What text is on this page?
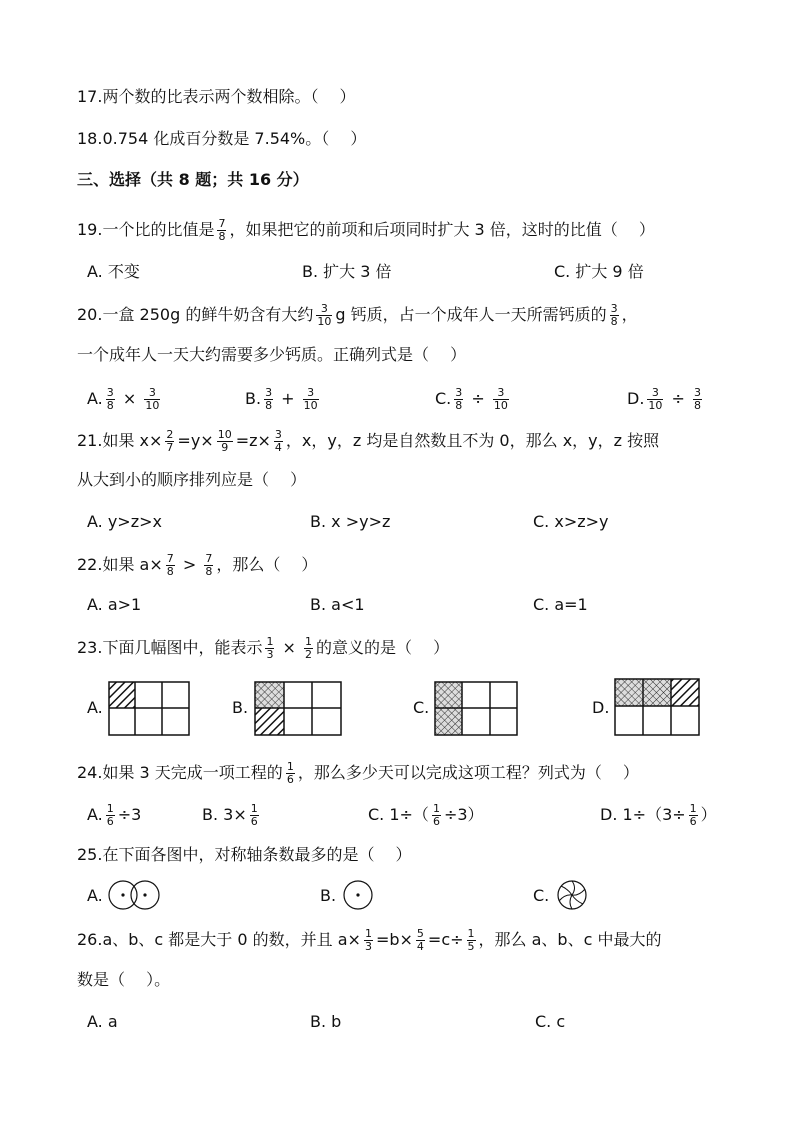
17.两个数的比表示两个数相除。（　 ）
18.0.754 化成百分数是 7.54%。（　 ）
三、选择（共 8 题；共 16 分）
19.一个比的比值是 $\frac{7}{8}$ ，如果把它的前项和后项同时扩大 3 倍，这时的比值（　 ）
A. 不变	B. 扩大 3 倍	C. 扩大 9 倍
20.一盒 250g 的鲜牛奶含有大约 $\frac{3}{10}$ g 钙质，占一个成年人一天所需钙质的 $\frac{3}{8}$ ，
一个成年人一天大约需要多少钙质。正确列式是（　 ）
A. $\frac{3}{8} \times \frac{3}{10}$	B. $\frac{3}{8} + \frac{3}{10}$	C. $\frac{3}{8} \div \frac{3}{10}$	D. $\frac{3}{10} \div \frac{3}{8}$
21.如果 $x\times \frac{2}{7} =y\times \frac{10}{9} =z\times \frac{3}{4}$ ，x，y，z 均是自然数且不为 0，那么 x，y，z 按照
从大到小的顺序排列应是（　 ）
A. y>z>x	B. x >y>z	C. x>z>y
22.如果 $a\times \frac{7}{8} > \frac{7}{8}$ ，那么（　 ）
A. a>1	B. a<1	C. a=1
23.下面几幅图中，能表示 $\frac{1}{3} \times \frac{1}{2}$ 的意义的是（　 ）
A.	B.	C.	D.
24.如果 3 天完成一项工程的 $\frac{1}{6}$ ，那么多少天可以完成这项工程？列式为（　 ）
A. $\frac{1}{6} \div 3$	B. $3\times \frac{1}{6}$	C. $1\div( \frac{1}{6} \div 3)$	D. $1\div(3\div \frac{1}{6}$ ）
25.在下面各图中，对称轴条数最多的是（　 ）
A.	B.	C.
26.a、b、c 都是大于 0 的数，并且 $a\times \frac{1}{3} =b\times \frac{5}{4} =c\div \frac{1}{5}$ ，那么 a、b、c 中最大的
数是（　 ）。
A. a	B. b	C. c
